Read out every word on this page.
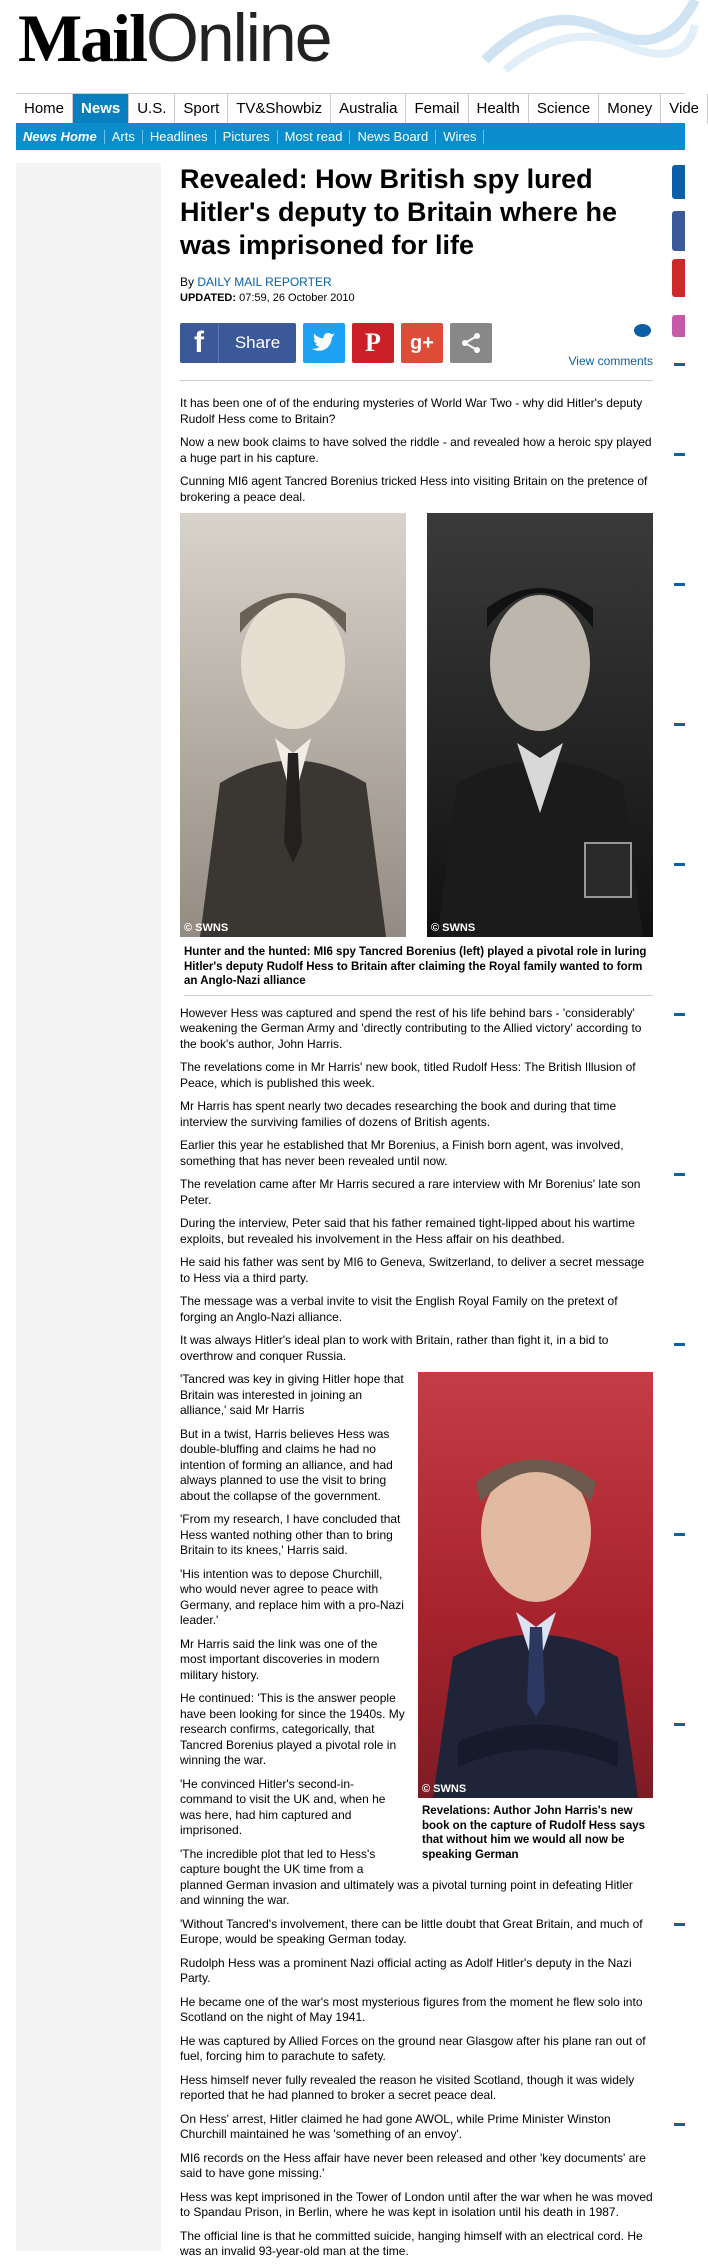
MailOnline
Home	News	U.S.	Sport	TV&Showbiz	Australia	Femail	Health	Science	Money	Vide
News Home	Arts	Headlines	Pictures	Most read	News Board	Wires
Revealed: How British spy lured Hitler's deputy to Britain where he was imprisoned for life
By DAILY MAIL REPORTER
UPDATED: 07:59, 26 October 2010
f	Share	P g+
View comments

It has been one of of the enduring mysteries of World War Two - why did Hitler's deputy Rudolf Hess come to Britain?

Now a new book claims to have solved the riddle - and revealed how a heroic spy played a huge part in his capture.

Cunning MI6 agent Tancred Borenius tricked Hess into visiting Britain on the pretence of brokering a peace deal.

© SWNS	© SWNS
Hunter and the hunted: MI6 spy Tancred Borenius (left) played a pivotal role in luring Hitler's deputy Rudolf Hess to Britain after claiming the Royal family wanted to form an Anglo-Nazi alliance

However Hess was captured and spend the rest of his life behind bars - 'considerably' weakening the German Army and 'directly contributing to the Allied victory' according to the book's author, John Harris.

The revelations come in Mr Harris' new book, titled Rudolf Hess: The British Illusion of Peace, which is published this week.

Mr Harris has spent nearly two decades researching the book and during that time interview the surviving families of dozens of British agents.

Earlier this year he established that Mr Borenius, a Finish born agent, was involved, something that has never been revealed until now.

The revelation came after Mr Harris secured a rare interview with Mr Borenius' late son Peter.

During the interview, Peter said that his father remained tight-lipped about his wartime exploits, but revealed his involvement in the Hess affair on his deathbed.

He said his father was sent by MI6 to Geneva, Switzerland, to deliver a secret message to Hess via a third party.

The message was a verbal invite to visit the English Royal Family on the pretext of forging an Anglo-Nazi alliance.

It was always Hitler's ideal plan to work with Britain, rather than fight it, in a bid to overthrow and conquer Russia.

© SWNS
Revelations: Author John Harris's new book on the capture of Rudolf Hess says that without him we would all now be speaking German

'Tancred was key in giving Hitler hope that Britain was interested in joining an alliance,' said Mr Harris

But in a twist, Harris believes Hess was double-bluffing and claims he had no intention of forming an alliance, and had always planned to use the visit to bring about the collapse of the government.

'From my research, I have concluded that Hess wanted nothing other than to bring Britain to its knees,' Harris said.

'His intention was to depose Churchill, who would never agree to peace with Germany, and replace him with a pro-Nazi leader.'

Mr Harris said the link was one of the most important discoveries in modern military history.

He continued: 'This is the answer people have been looking for since the 1940s. My research confirms, categorically, that Tancred Borenius played a pivotal role in winning the war.

'He convinced Hitler's second-in-command to visit the UK and, when he was here, had him captured and imprisoned.

'The incredible plot that led to Hess's capture bought the UK time from a planned German invasion and ultimately was a pivotal turning point in defeating Hitler and winning the war.

'Without Tancred's involvement, there can be little doubt that Great Britain, and much of Europe, would be speaking German today.

Rudolph Hess was a prominent Nazi official acting as Adolf Hitler's deputy in the Nazi Party.

He became one of the war's most mysterious figures from the moment he flew solo into Scotland on the night of May 1941.

He was captured by Allied Forces on the ground near Glasgow after his plane ran out of fuel, forcing him to parachute to safety.

Hess himself never fully revealed the reason he visited Scotland, though it was widely reported that he had planned to broker a secret peace deal.

On Hess' arrest, Hitler claimed he had gone AWOL, while Prime Minister Winston Churchill maintained he was 'something of an envoy'.

MI6 records on the Hess affair have never been released and other 'key documents' are said to have gone missing.'

Hess was kept imprisoned in the Tower of London until after the war when he was moved to Spandau Prison, in Berlin, where he was kept in isolation until his death in 1987.

The official line is that he committed suicide, hanging himself with an electrical cord. He was an invalid 93-year-old man at the time.
